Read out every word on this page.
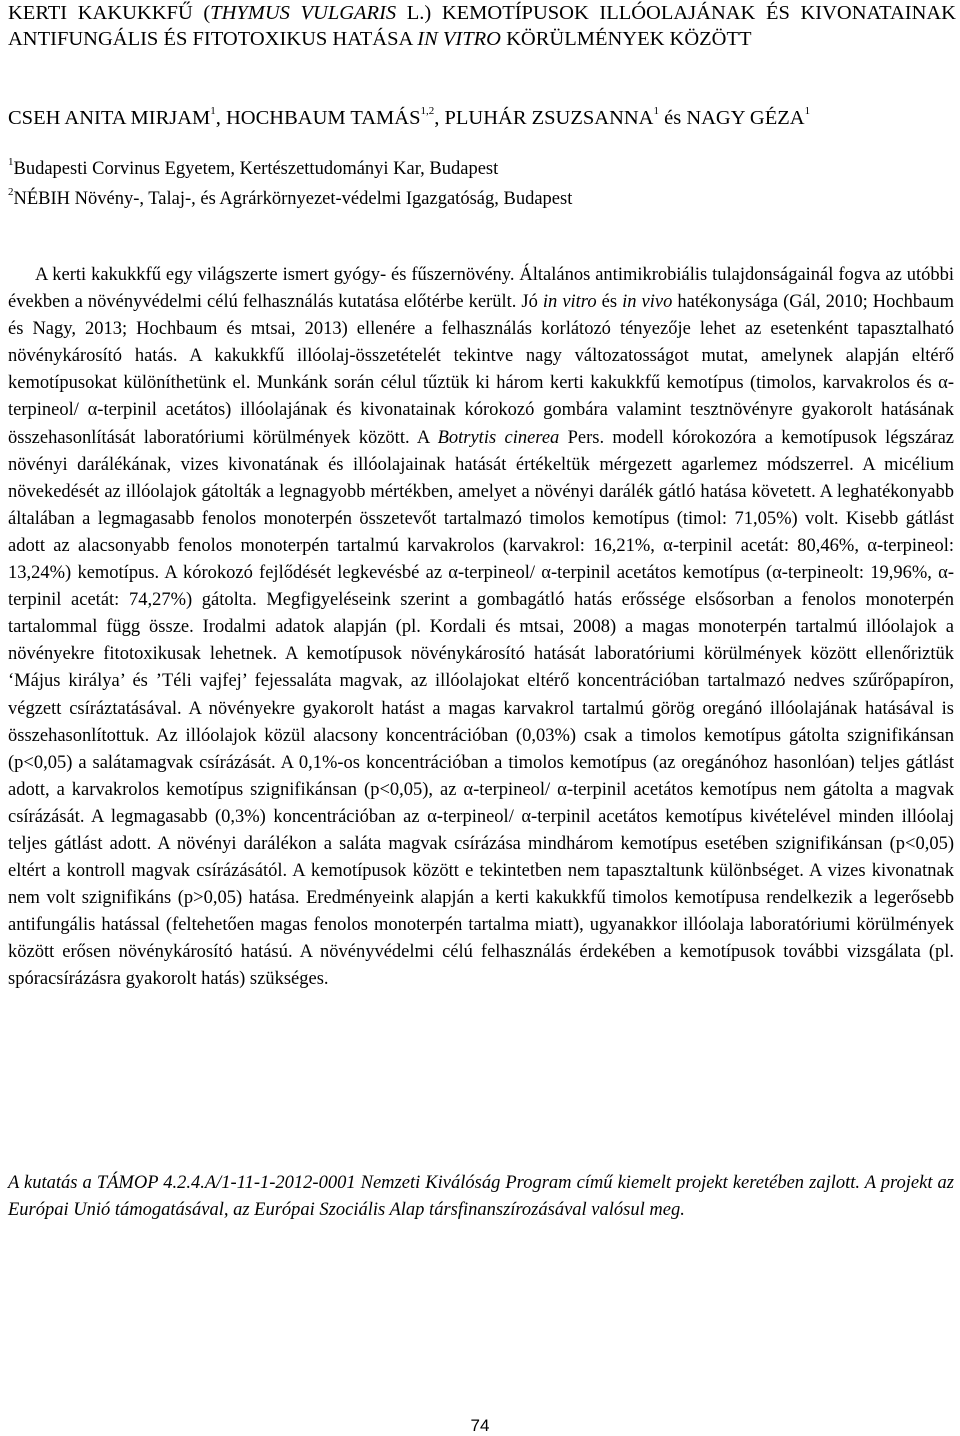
KERTI KAKUKKFŰ (THYMUS VULGARIS L.) KEMOTÍPUSOK ILLÓOLAJÁNAK ÉS KIVONATAINAK ANTIFUNGÁLIS ÉS FITOTOXIKUS HATÁSA IN VITRO KÖRÜLMÉNYEK KÖZÖTT

CSEH ANITA MIRJAM$^1$, HOCHBAUM TAMÁS$^{1,2}$, PLUHÁR ZSUZSANNA$^1$ és NAGY GÉZA$^1$

$^1$Budapesti Corvinus Egyetem, Kertészettudományi Kar, Budapest

$^2$NÉBIH Növény-, Talaj-, és Agrárkörnyezet-védelmi Igazgatóság, Budapest

A kerti kakukkfű egy világszerte ismert gyógy- és fűszernövény. Általános antimikrobiális tulajdonságainál fogva az utóbbi években a növényvédelmi célú felhasználás kutatása előtérbe került. Jó in vitro és in vivo hatékonysága (Gál, 2010; Hochbaum és Nagy, 2013; Hochbaum és mtsai, 2013) ellenére a felhasználás korlátozó tényezője lehet az esetenként tapasztalható növénykárosító hatás. A kakukkfű illóolaj-összetételét tekintve nagy változatosságot mutat, amelynek alapján eltérő kemotípusokat különíthetünk el. Munkánk során célul tűztük ki három kerti kakukkfű kemotípus (timolos, karvakrolos és α-terpineol/ α-terpinil acetátos) illóolajának és kivonatainak kórokozó gombára valamint tesztnövényre gyakorolt hatásának összehasonlítását laboratóriumi körülmények között. A Botrytis cinerea Pers. modell kórokozóra a kemotípusok légszáraz növényi darálékának, vizes kivonatának és illóolajainak hatását értékeltük mérgezett agarlemez módszerrel. A micélium növekedését az illóolajok gátolták a legnagyobb mértékben, amelyet a növényi darálék gátló hatása követett. A leghatékonyabb általában a legmagasabb fenolos monoterpén összetevőt tartalmazó timolos kemotípus (timol: 71,05%) volt. Kisebb gátlást adott az alacsonyabb fenolos monoterpén tartalmú karvakrolos (karvakrol: 16,21%, α-terpinil acetát: 80,46%, α-terpineol: 13,24%) kemotípus. A kórokozó fejlődését legkevésbé az α-terpineol/ α-terpinil acetátos kemotípus (α-terpineolt: 19,96%, α-terpinil acetát: 74,27%) gátolta. Megfigyeléseink szerint a gombagátló hatás erőssége elsősorban a fenolos monoterpén tartalommal függ össze. Irodalmi adatok alapján (pl. Kordali és mtsai, 2008) a magas monoterpén tartalmú illóolajok a növényekre fitotoxikusak lehetnek. A kemotípusok növénykárosító hatását laboratóriumi körülmények között ellenőriztük ‘Május királya’ és ’Téli vajfej’ fejessaláta magvak, az illóolajokat eltérő koncentrációban tartalmazó nedves szűrőpapíron, végzett csíráztatásával. A növényekre gyakorolt hatást a magas karvakrol tartalmú görög oregánó illóolajának hatásával is összehasonlítottuk. Az illóolajok közül alacsony koncentrációban (0,03%) csak a timolos kemotípus gátolta szignifikánsan (p<0,05) a salátamagvak csírázását. A 0,1%-os koncentrációban a timolos kemotípus (az oregánóhoz hasonlóan) teljes gátlást adott, a karvakrolos kemotípus szignifikánsan (p<0,05), az α-terpineol/ α-terpinil acetátos kemotípus nem gátolta a magvak csírázását. A legmagasabb (0,3%) koncentrációban az α-terpineol/ α-terpinil acetátos kemotípus kivételével minden illóolaj teljes gátlást adott. A növényi darálékon a saláta magvak csírázása mindhárom kemotípus esetében szignifikánsan (p<0,05) eltért a kontroll magvak csírázásától. A kemotípusok között e tekintetben nem tapasztaltunk különbséget. A vizes kivonatnak nem volt szignifikáns (p>0,05) hatása. Eredményeink alapján a kerti kakukkfű timolos kemotípusa rendelkezik a legerősebb antifungális hatással (feltehetően magas fenolos monoterpén tartalma miatt), ugyanakkor illóolaja laboratóriumi körülmények között erősen növénykárosító hatású. A növényvédelmi célú felhasználás érdekében a kemotípusok további vizsgálata (pl. spóracsírázásra gyakorolt hatás) szükséges.

A kutatás a TÁMOP 4.2.4.A/1-11-1-2012-0001 Nemzeti Kiválóság Program című kiemelt projekt keretében zajlott. A projekt az Európai Unió támogatásával, az Európai Szociális Alap társfinanszírozásával valósul meg.

74
